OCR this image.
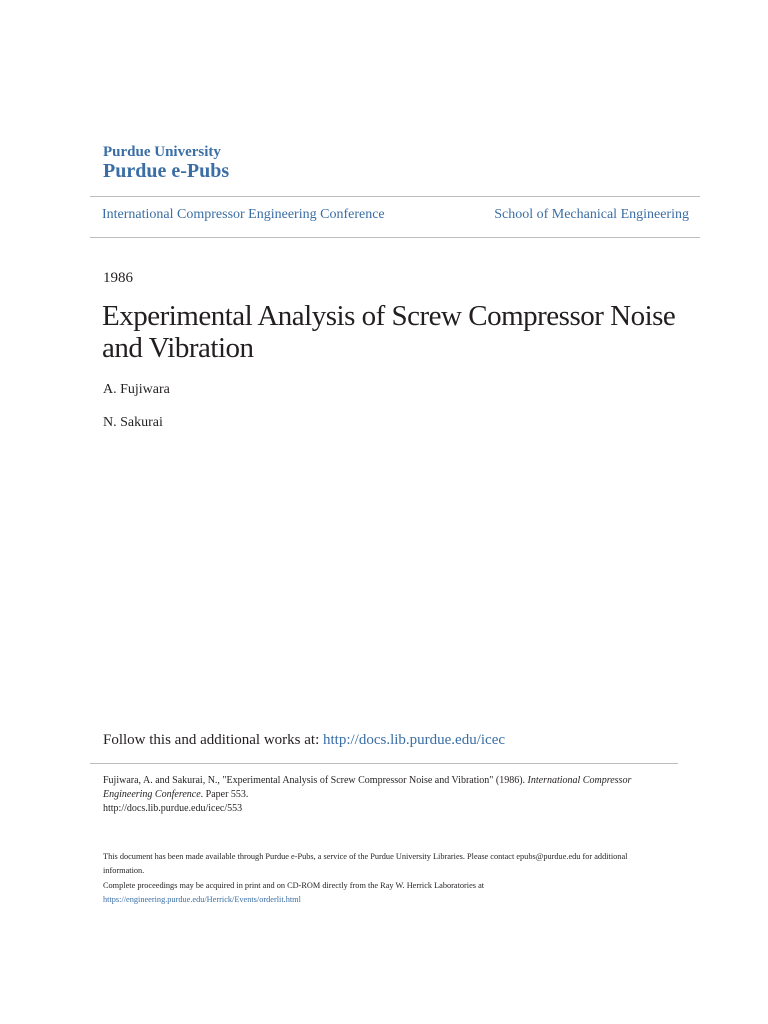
Purdue University
Purdue e-Pubs
International Compressor Engineering Conference	School of Mechanical Engineering
1986
Experimental Analysis of Screw Compressor Noise and Vibration
A. Fujiwara
N. Sakurai
Follow this and additional works at: http://docs.lib.purdue.edu/icec
Fujiwara, A. and Sakurai, N., "Experimental Analysis of Screw Compressor Noise and Vibration" (1986). International Compressor Engineering Conference. Paper 553.
http://docs.lib.purdue.edu/icec/553
This document has been made available through Purdue e-Pubs, a service of the Purdue University Libraries. Please contact epubs@purdue.edu for additional information.
Complete proceedings may be acquired in print and on CD-ROM directly from the Ray W. Herrick Laboratories at https://engineering.purdue.edu/Herrick/Events/orderlit.html
